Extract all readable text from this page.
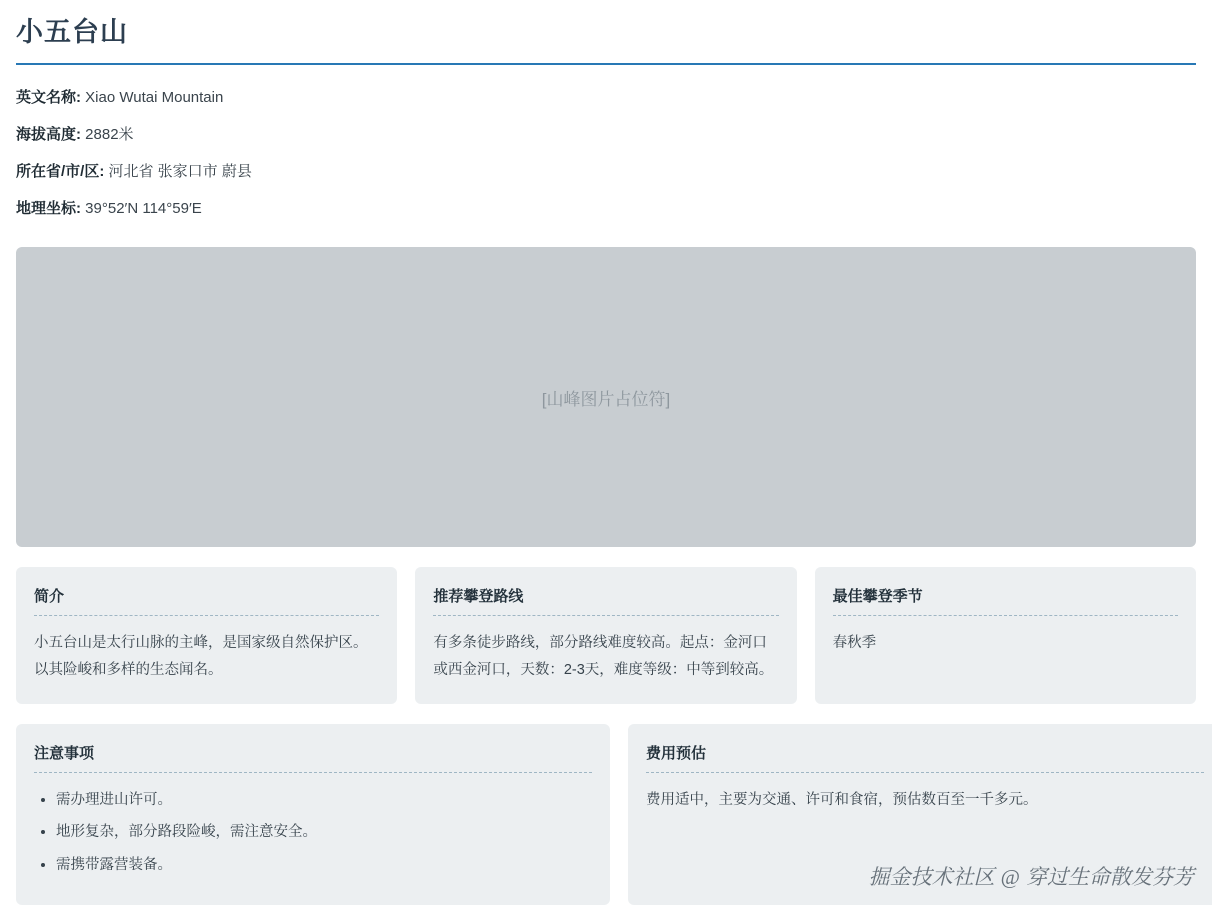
小五台山
英文名称: Xiao Wutai Mountain
海拔高度: 2882米
所在省/市/区: 河北省 张家口市 蔚县
地理坐标: 39°52′N 114°59′E
[山峰图片占位符]
简介
小五台山是太行山脉的主峰，是国家级自然保护区。以其险峻和多样的生态闻名。
推荐攀登路线
有多条徒步路线，部分路线难度较高。起点：金河口或西金河口，天数：2-3天，难度等级：中等到较高。
最佳攀登季节
春秋季
注意事项
• 需办理进山许可。
• 地形复杂，部分路段险峻，需注意安全。
• 需携带露营装备。
费用预估
费用适中，主要为交通、许可和食宿，预估数百至一千多元。
掘金技术社区 @ 穿过生命散发芬芳
